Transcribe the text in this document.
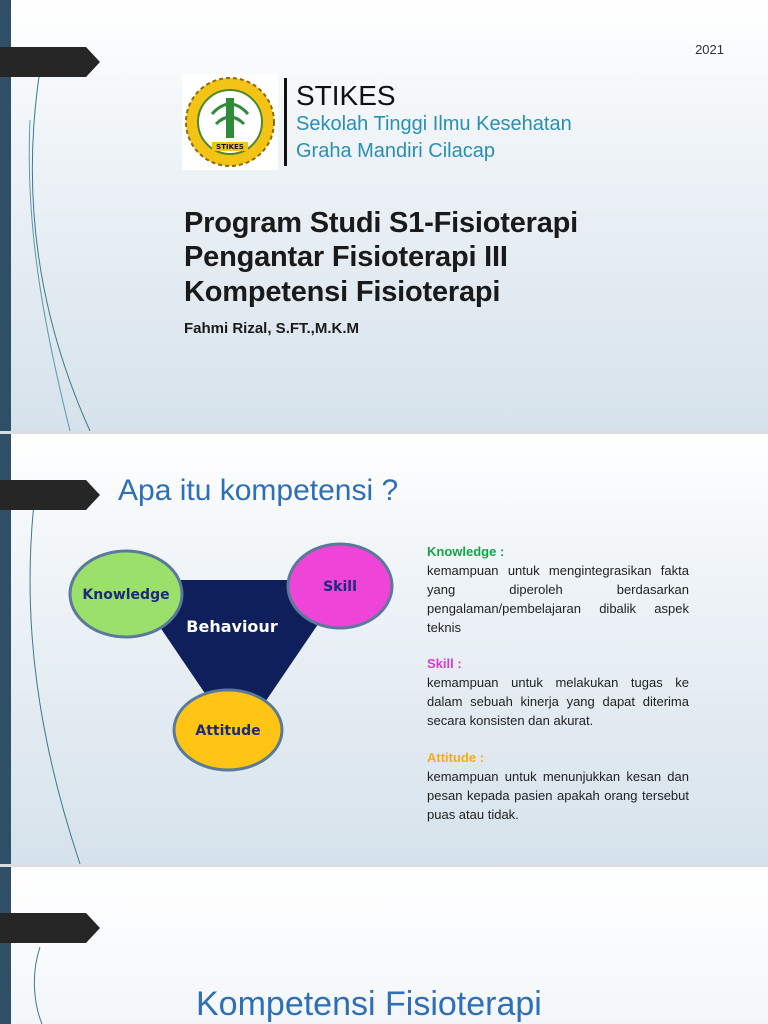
2021
STIKES
STIKES
Sekolah Tinggi Ilmu Kesehatan
Graha Mandiri Cilacap
Program Studi S1-Fisioterapi
Pengantar Fisioterapi III
Kompetensi Fisioterapi
Fahmi Rizal, S.FT.,M.K.M
Apa itu kompetensi ?
Behaviour
Knowledge	Skill
Attitude
Knowledge :
kemampuan untuk mengintegrasikan fakta yang diperoleh berdasarkan pengalaman/pembelajaran dibalik aspek teknis
Skill :
kemampuan untuk melakukan tugas ke dalam sebuah kinerja yang dapat diterima secara konsisten dan akurat.
Attitude :
kemampuan untuk menunjukkan kesan dan pesan kepada pasien apakah orang tersebut puas atau tidak.
Kompetensi Fisioterapi
